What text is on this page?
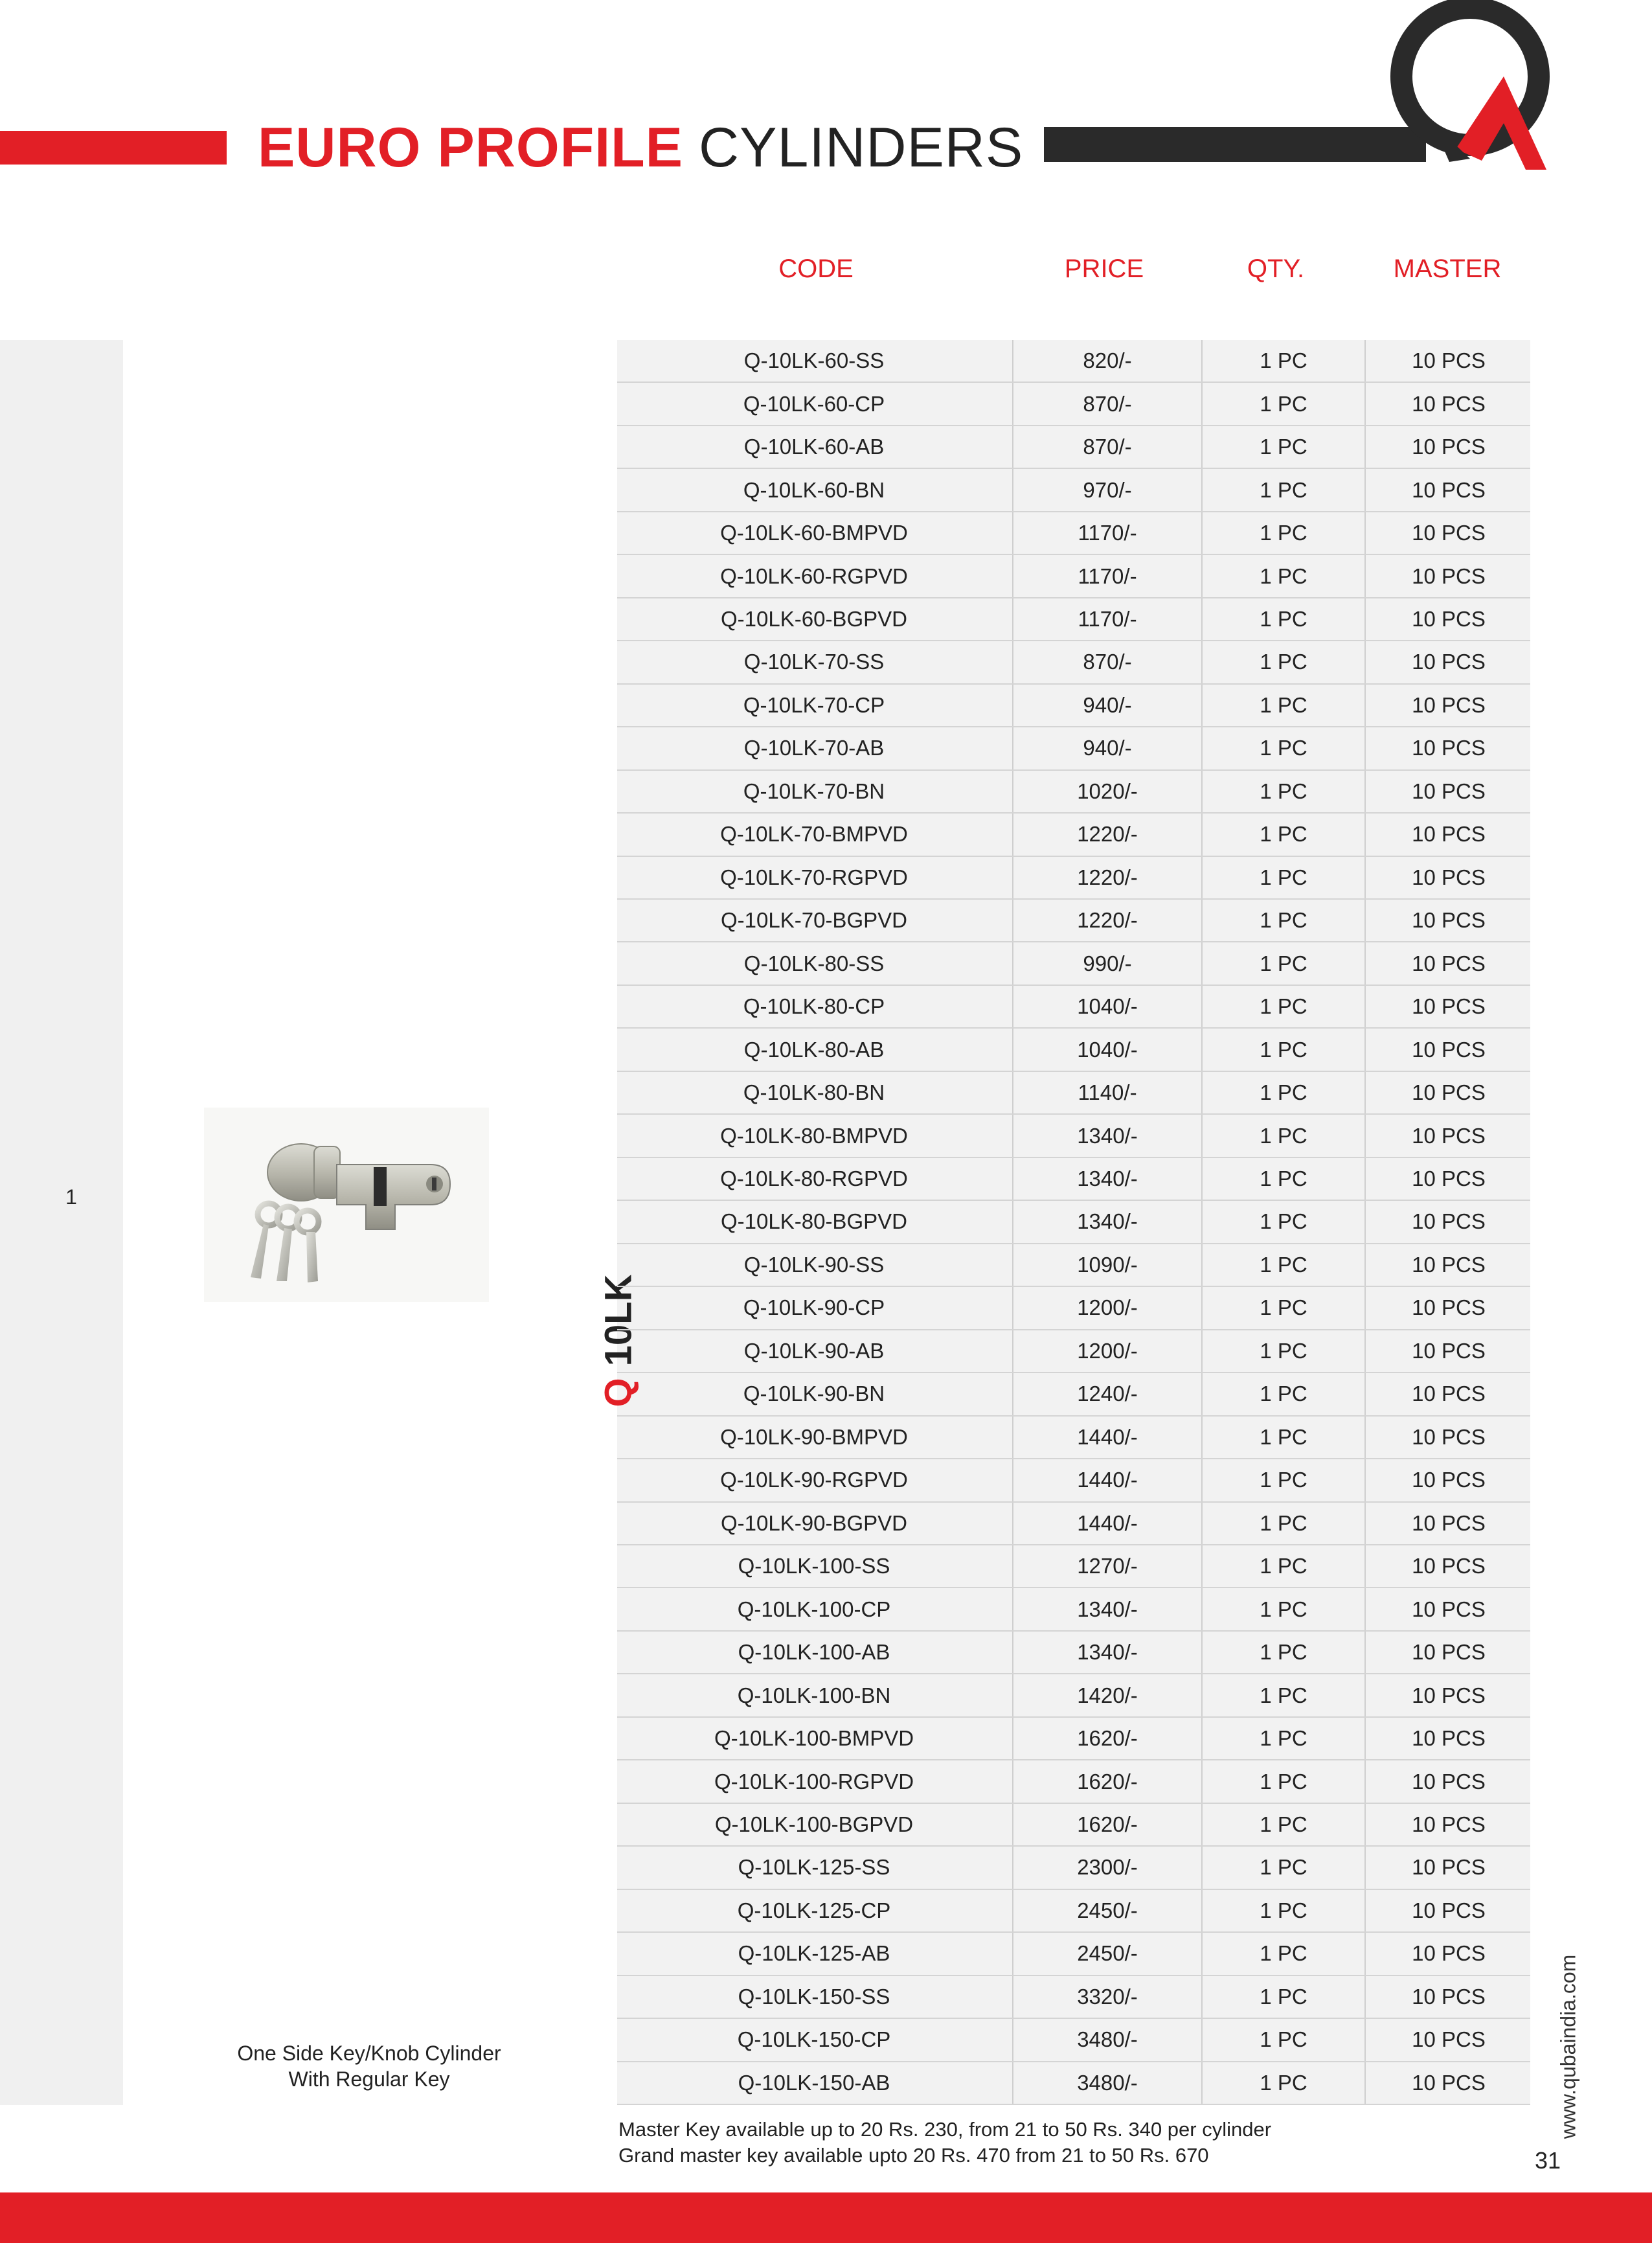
EURO PROFILE CYLINDERS
CODE	PRICE	QTY.	MASTER
1
Q10LK
One Side Key/Knob Cylinder
With Regular Key
Q-10LK-60-SS	820/-	1 PC	10 PCS
Q-10LK-60-CP	870/-	1 PC	10 PCS
Q-10LK-60-AB	870/-	1 PC	10 PCS
Q-10LK-60-BN	970/-	1 PC	10 PCS
Q-10LK-60-BMPVD	1170/-	1 PC	10 PCS
Q-10LK-60-RGPVD	1170/-	1 PC	10 PCS
Q-10LK-60-BGPVD	1170/-	1 PC	10 PCS
Q-10LK-70-SS	870/-	1 PC	10 PCS
Q-10LK-70-CP	940/-	1 PC	10 PCS
Q-10LK-70-AB	940/-	1 PC	10 PCS
Q-10LK-70-BN	1020/-	1 PC	10 PCS
Q-10LK-70-BMPVD	1220/-	1 PC	10 PCS
Q-10LK-70-RGPVD	1220/-	1 PC	10 PCS
Q-10LK-70-BGPVD	1220/-	1 PC	10 PCS
Q-10LK-80-SS	990/-	1 PC	10 PCS
Q-10LK-80-CP	1040/-	1 PC	10 PCS
Q-10LK-80-AB	1040/-	1 PC	10 PCS
Q-10LK-80-BN	1140/-	1 PC	10 PCS
Q-10LK-80-BMPVD	1340/-	1 PC	10 PCS
Q-10LK-80-RGPVD	1340/-	1 PC	10 PCS
Q-10LK-80-BGPVD	1340/-	1 PC	10 PCS
Q-10LK-90-SS	1090/-	1 PC	10 PCS
Q-10LK-90-CP	1200/-	1 PC	10 PCS
Q-10LK-90-AB	1200/-	1 PC	10 PCS
Q-10LK-90-BN	1240/-	1 PC	10 PCS
Q-10LK-90-BMPVD	1440/-	1 PC	10 PCS
Q-10LK-90-RGPVD	1440/-	1 PC	10 PCS
Q-10LK-90-BGPVD	1440/-	1 PC	10 PCS
Q-10LK-100-SS	1270/-	1 PC	10 PCS
Q-10LK-100-CP	1340/-	1 PC	10 PCS
Q-10LK-100-AB	1340/-	1 PC	10 PCS
Q-10LK-100-BN	1420/-	1 PC	10 PCS
Q-10LK-100-BMPVD	1620/-	1 PC	10 PCS
Q-10LK-100-RGPVD	1620/-	1 PC	10 PCS
Q-10LK-100-BGPVD	1620/-	1 PC	10 PCS
Q-10LK-125-SS	2300/-	1 PC	10 PCS
Q-10LK-125-CP	2450/-	1 PC	10 PCS
Q-10LK-125-AB	2450/-	1 PC	10 PCS
Q-10LK-150-SS	3320/-	1 PC	10 PCS
Q-10LK-150-CP	3480/-	1 PC	10 PCS
Q-10LK-150-AB	3480/-	1 PC	10 PCS
Master Key available up to 20 Rs. 230, from 21 to 50 Rs. 340 per cylinder
Grand master key available upto 20 Rs. 470 from 21 to 50 Rs. 670
www.qubaindia.com
31
